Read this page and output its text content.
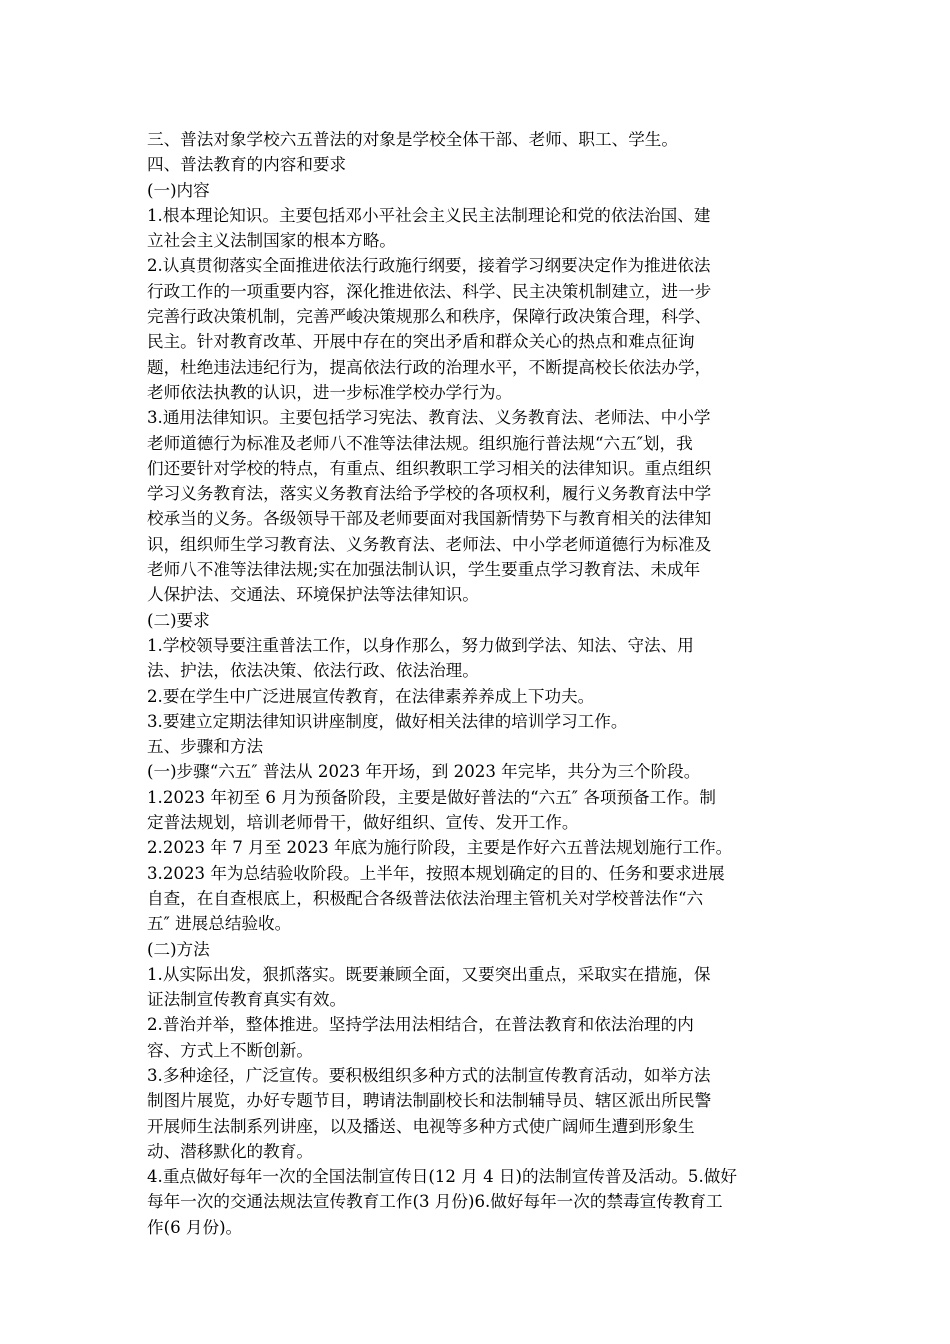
三、普法对象学校六五普法的对象是学校全体干部、老师、职工、学生。
四、普法教育的内容和要求
(一)内容
1.根本理论知识。主要包括邓小平社会主义民主法制理论和党的依法治国、建
立社会主义法制国家的根本方略。
2.认真贯彻落实全面推进依法行政施行纲要，接着学习纲要决定作为推进依法
行政工作的一项重要内容，深化推进依法、科学、民主决策机制建立，进一步
完善行政决策机制，完善严峻决策规那么和秩序，保障行政决策合理，科学、
民主。针对教育改革、开展中存在的突出矛盾和群众关心的热点和难点征询
题，杜绝违法违纪行为，提高依法行政的治理水平，不断提高校长依法办学，
老师依法执教的认识，进一步标准学校办学行为。
3.通用法律知识。主要包括学习宪法、教育法、义务教育法、老师法、中小学
老师道德行为标准及老师八不准等法律法规。组织施行普法规“六五″划，我
们还要针对学校的特点，有重点、组织教职工学习相关的法律知识。重点组织
学习义务教育法，落实义务教育法给予学校的各项权利，履行义务教育法中学
校承当的义务。各级领导干部及老师要面对我国新情势下与教育相关的法律知
识，组织师生学习教育法、义务教育法、老师法、中小学老师道德行为标准及
老师八不准等法律法规;实在加强法制认识，学生要重点学习教育法、未成年
人保护法、交通法、环境保护法等法律知识。
(二)要求
1.学校领导要注重普法工作，以身作那么，努力做到学法、知法、守法、用
法、护法，依法决策、依法行政、依法治理。
2.要在学生中广泛进展宣传教育，在法律素养养成上下功夫。
3.要建立定期法律知识讲座制度，做好相关法律的培训学习工作。
五、步骤和方法
(一)步骤“六五″ 普法从 2023 年开场，到 2023 年完毕，共分为三个阶段。
1.2023 年初至 6 月为预备阶段，主要是做好普法的“六五″ 各项预备工作。制
定普法规划，培训老师骨干，做好组织、宣传、发开工作。
2.2023 年 7 月至 2023 年底为施行阶段，主要是作好六五普法规划施行工作。
3.2023 年为总结验收阶段。上半年，按照本规划确定的目的、任务和要求进展
自查，在自查根底上，积极配合各级普法依法治理主管机关对学校普法作“六
五″ 进展总结验收。
(二)方法
1.从实际出发，狠抓落实。既要兼顾全面，又要突出重点，采取实在措施，保
证法制宣传教育真实有效。
2.普治并举，整体推进。坚持学法用法相结合，在普法教育和依法治理的内
容、方式上不断创新。
3.多种途径，广泛宣传。要积极组织多种方式的法制宣传教育活动，如举方法
制图片展览，办好专题节目，聘请法制副校长和法制辅导员、辖区派出所民警
开展师生法制系列讲座，以及播送、电视等多种方式使广阔师生遭到形象生
动、潜移默化的教育。
4.重点做好每年一次的全国法制宣传日(12 月 4 日)的法制宣传普及活动。5.做好
每年一次的交通法规法宣传教育工作(3 月份)6.做好每年一次的禁毒宣传教育工
作(6 月份)。
